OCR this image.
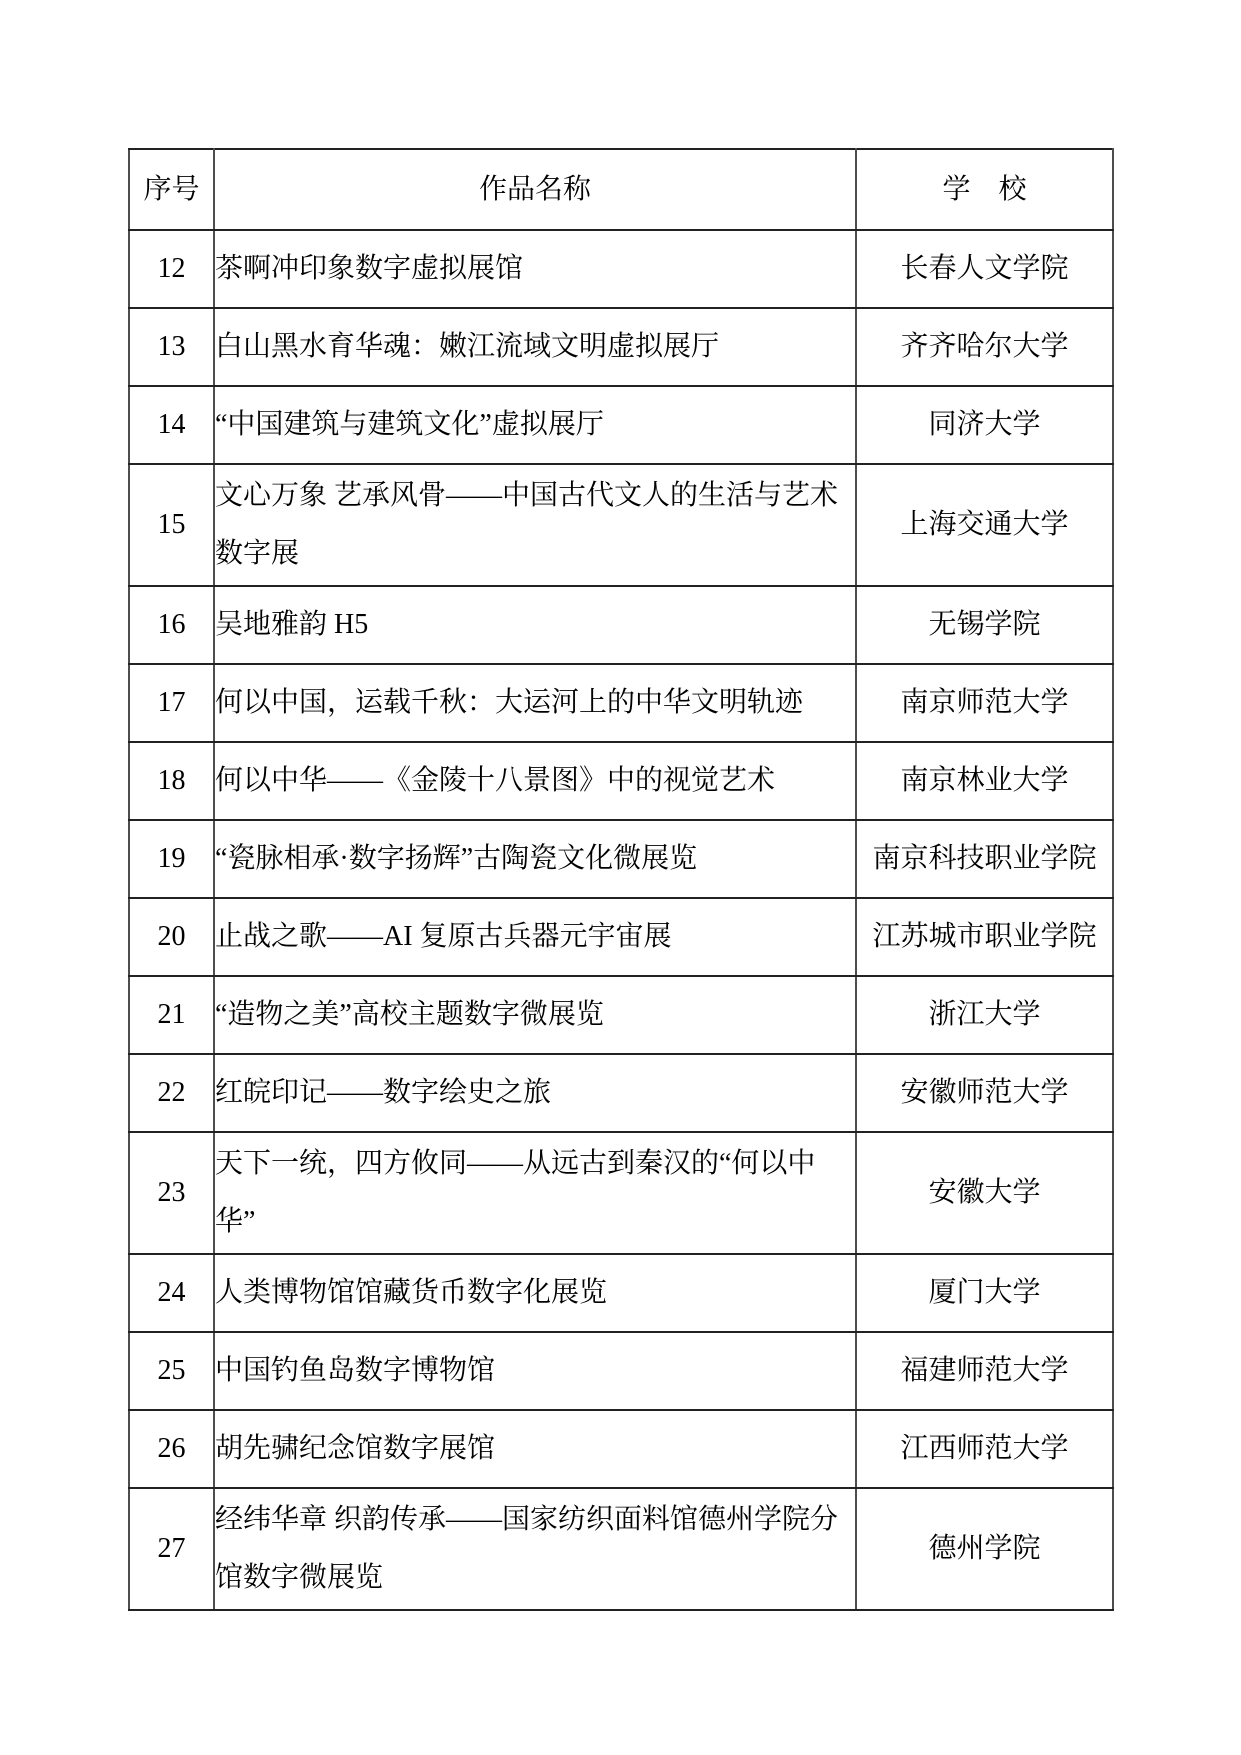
序号	作品名称	学　校
12	茶啊冲印象数字虚拟展馆	长春人文学院
13	白山黑水育华魂：嫩江流域文明虚拟展厅	齐齐哈尔大学
14	“中国建筑与建筑文化”虚拟展厅	同济大学
15	文心万象 艺承风骨——中国古代文人的生活与艺术数字展	上海交通大学
16	吴地雅韵 H5	无锡学院
17	何以中国，运载千秋：大运河上的中华文明轨迹	南京师范大学
18	何以中华——《金陵十八景图》中的视觉艺术	南京林业大学
19	“瓷脉相承·数字扬辉”古陶瓷文化微展览	南京科技职业学院
20	止战之歌——AI 复原古兵器元宇宙展	江苏城市职业学院
21	“造物之美”高校主题数字微展览	浙江大学
22	红皖印记——数字绘史之旅	安徽师范大学
23	天下一统，四方攸同——从远古到秦汉的“何以中华”	安徽大学
24	人类博物馆馆藏货币数字化展览	厦门大学
25	中国钓鱼岛数字博物馆	福建师范大学
26	胡先骕纪念馆数字展馆	江西师范大学
27	经纬华章 织韵传承——国家纺织面料馆德州学院分馆数字微展览	德州学院
